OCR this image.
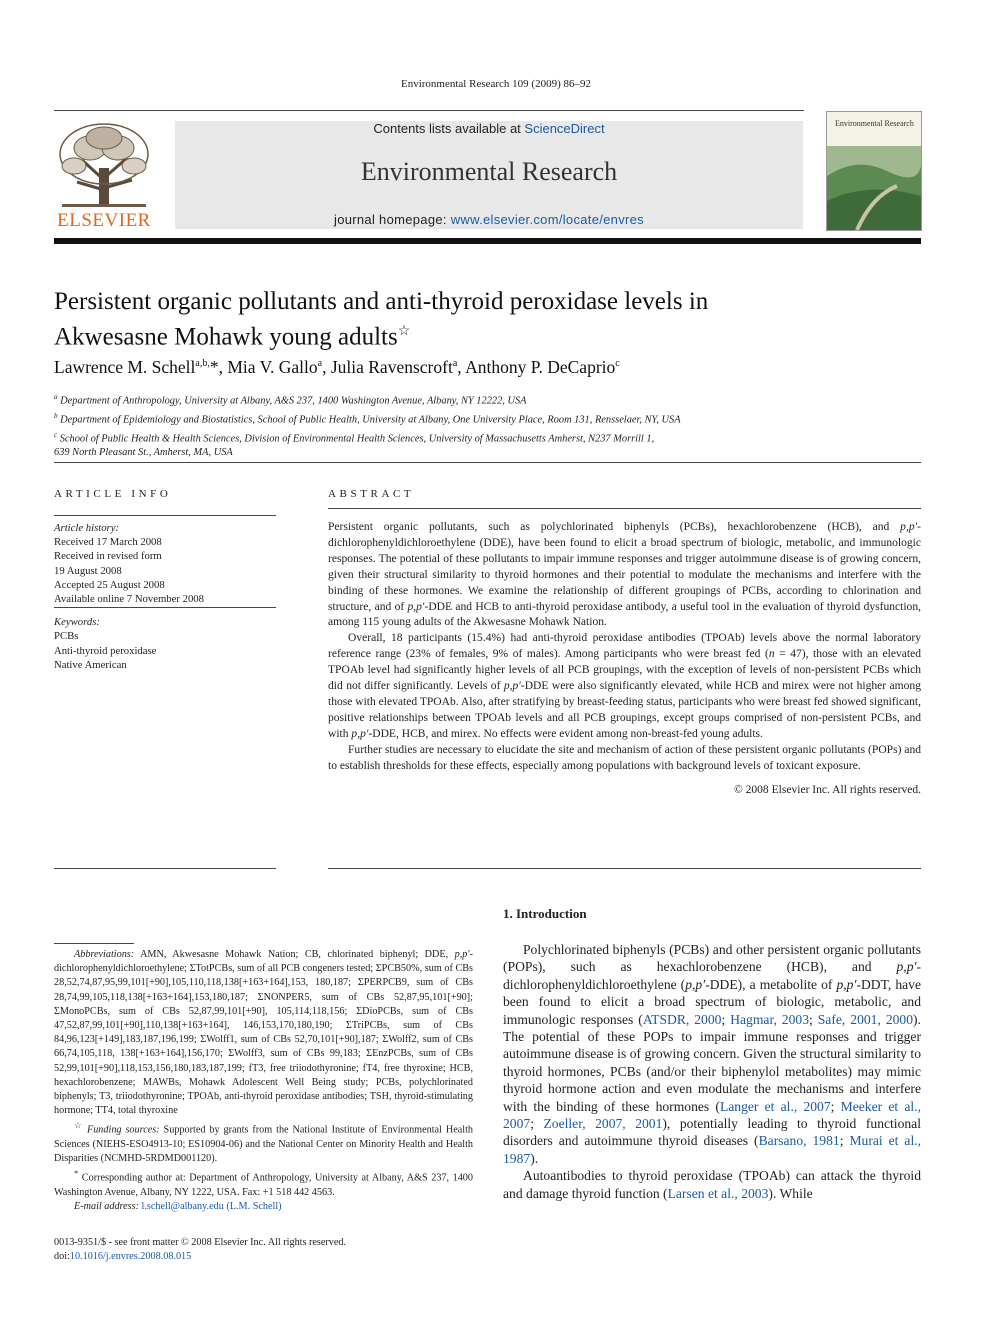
Environmental Research 109 (2009) 86–92
ELSEVIER
Contents lists available at ScienceDirect
Environmental Research
journal homepage: www.elsevier.com/locate/envres
Environmental Research
Persistent organic pollutants and anti-thyroid peroxidase levels in
Akwesasne Mohawk young adults☆
Lawrence M. Schell$^{a,b,}$*, Mia V. Gallo$^a$, Julia Ravenscroft$^a$, Anthony P. DeCaprio$^c$
$^a$ Department of Anthropology, University at Albany, A&S 237, 1400 Washington Avenue, Albany, NY 12222, USA
$^b$ Department of Epidemiology and Biostatistics, School of Public Health, University at Albany, One University Place, Room 131, Rensselaer, NY, USA
$^c$ School of Public Health & Health Sciences, Division of Environmental Health Sciences, University of Massachusetts Amherst, N237 Morrill 1,
639 North Pleasant St., Amherst, MA, USA
ARTICLE INFO
Article history:
Received 17 March 2008
Received in revised form
19 August 2008
Accepted 25 August 2008
Available online 7 November 2008
Keywords:
PCBs
Anti-thyroid peroxidase
Native American
ABSTRACT

Persistent organic pollutants, such as polychlorinated biphenyls (PCBs), hexachlorobenzene (HCB), and p,p′-dichlorophenyldichloroethylene (DDE), have been found to elicit a broad spectrum of biologic, metabolic, and immunologic responses. The potential of these pollutants to impair immune responses and trigger autoimmune disease is of growing concern, given their structural similarity to thyroid hormones and their potential to modulate the mechanisms and interfere with the binding of these hormones. We examine the relationship of different groupings of PCBs, according to chlorination and structure, and of p,p′-DDE and HCB to anti-thyroid peroxidase antibody, a useful tool in the evaluation of thyroid dysfunction, among 115 young adults of the Akwesasne Mohawk Nation.

Overall, 18 participants (15.4%) had anti-thyroid peroxidase antibodies (TPOAb) levels above the normal laboratory reference range (23% of females, 9% of males). Among participants who were breast fed (n = 47), those with an elevated TPOAb level had significantly higher levels of all PCB groupings, with the exception of levels of non-persistent PCBs which did not differ significantly. Levels of p,p′-DDE were also significantly elevated, while HCB and mirex were not higher among those with elevated TPOAb. Also, after stratifying by breast-feeding status, participants who were breast fed showed significant, positive relationships between TPOAb levels and all PCB groupings, except groups comprised of non-persistent PCBs, and with p,p′-DDE, HCB, and mirex. No effects were evident among non-breast-fed young adults.

Further studies are necessary to elucidate the site and mechanism of action of these persistent organic pollutants (POPs) and to establish thresholds for these effects, especially among populations with background levels of toxicant exposure.

© 2008 Elsevier Inc. All rights reserved.

Abbreviations: AMN, Akwesasne Mohawk Nation; CB, chlorinated biphenyl; DDE, p,p′-dichlorophenyldichloroethylene; ΣTotPCBs, sum of all PCB congeners tested; ΣPCB50%, sum of CBs 28,52,74,87,95,99,101[+90],105,110,118,138[+163+164],153, 180,187; ΣPERPCB9, sum of CBs 28,74,99,105,118,138[+163+164],153,180,187; ΣNONPER5, sum of CBs 52,87,95,101[+90]; ΣMonoPCBs, sum of CBs 52,87,99,101[+90], 105,114,118,156; ΣDioPCBs, sum of CBs 47,52,87,99,101[+90],110,138[+163+164], 146,153,170,180,190; ΣTriPCBs, sum of CBs 84,96,123[+149],183,187,196,199; ΣWolff1, sum of CBs 52,70,101[+90],187; ΣWolff2, sum of CBs 66,74,105,118, 138[+163+164],156,170; ΣWolff3, sum of CBs 99,183; ΣEnzPCBs, sum of CBs 52,99,101[+90],118,153,156,180,183,187,199; fT3, free triiodothyronine; fT4, free thyroxine; HCB, hexachlorobenzene; MAWBs, Mohawk Adolescent Well Being study; PCBs, polychlorinated biphenyls; T3, triiodothyronine; TPOAb, anti-thyroid peroxidase antibodies; TSH, thyroid-stimulating hormone; TT4, total thyroxine

☆ Funding sources: Supported by grants from the National Institute of Environmental Health Sciences (NIEHS-ESO4913-10; ES10904-06) and the National Center on Minority Health and Health Disparities (NCMHD-5RDMD001120).

* Corresponding author at: Department of Anthropology, University at Albany, A&S 237, 1400 Washington Avenue, Albany, NY 1222, USA. Fax: +1 518 442 4563.

E-mail address: l.schell@albany.edu (L.M. Schell)

0013-9351/$ - see front matter © 2008 Elsevier Inc. All rights reserved.
doi:10.1016/j.envres.2008.08.015
1. Introduction

Polychlorinated biphenyls (PCBs) and other persistent organic pollutants (POPs), such as hexachlorobenzene (HCB), and p,p′-dichlorophenyldichloroethylene (p,p′-DDE), a metabolite of p,p′-DDT, have been found to elicit a broad spectrum of biologic, metabolic, and immunologic responses (ATSDR, 2000; Hagmar, 2003; Safe, 2001, 2000). The potential of these POPs to impair immune responses and trigger autoimmune disease is of growing concern. Given the structural similarity to thyroid hormones, PCBs (and/or their biphenylol metabolites) may mimic thyroid hormone action and even modulate the mechanisms and interfere with the binding of these hormones (Langer et al., 2007; Meeker et al., 2007; Zoeller, 2007, 2001), potentially leading to thyroid functional disorders and autoimmune thyroid diseases (Barsano, 1981; Murai et al., 1987).

Autoantibodies to thyroid peroxidase (TPOAb) can attack the thyroid and damage thyroid function (Larsen et al., 2003). While
